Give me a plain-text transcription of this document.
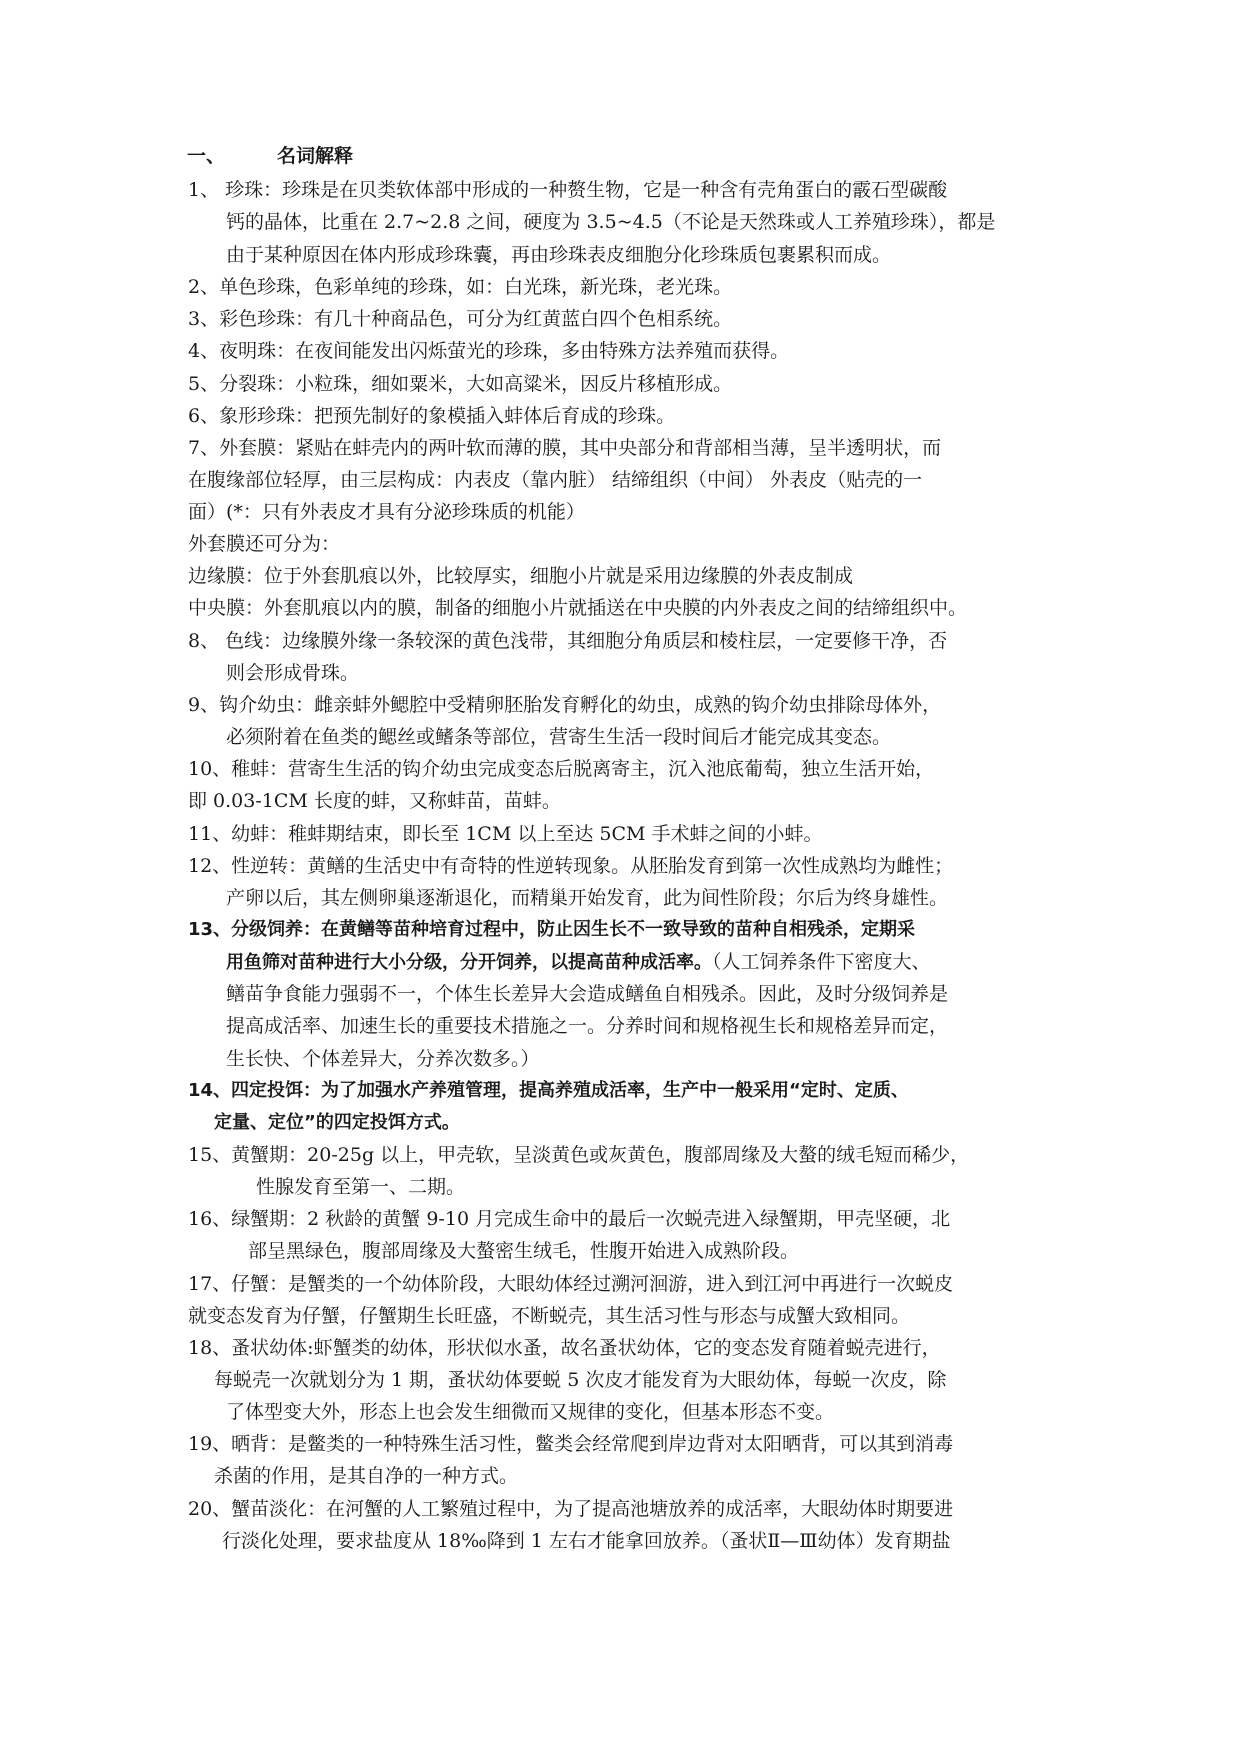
一、	名词解释
1、 珍珠：珍珠是在贝类软体部中形成的一种赘生物，它是一种含有壳角蛋白的霰石型碳酸
钙的晶体，比重在 2.7~2.8 之间，硬度为 3.5~4.5（不论是天然珠或人工养殖珍珠），都是
由于某种原因在体内形成珍珠囊，再由珍珠表皮细胞分化珍珠质包裹累积而成。
2、单色珍珠，色彩单纯的珍珠，如：白光珠，新光珠，老光珠。
3、彩色珍珠：有几十种商品色，可分为红黄蓝白四个色相系统。
4、夜明珠：在夜间能发出闪烁萤光的珍珠，多由特殊方法养殖而获得。
5、分裂珠：小粒珠，细如粟米，大如高粱米，因反片移植形成。
6、象形珍珠：把预先制好的象模插入蚌体后育成的珍珠。
7、外套膜：紧贴在蚌壳内的两叶软而薄的膜，其中央部分和背部相当薄，呈半透明状，而
在腹缘部位轻厚，由三层构成：内表皮（靠内脏） 结缔组织（中间） 外表皮（贴壳的一
面）(*：只有外表皮才具有分泌珍珠质的机能）
外套膜还可分为：
边缘膜：位于外套肌痕以外，比较厚实，细胞小片就是采用边缘膜的外表皮制成
中央膜：外套肌痕以内的膜，制备的细胞小片就插送在中央膜的内外表皮之间的结缔组织中。
8、 色线：边缘膜外缘一条较深的黄色浅带，其细胞分角质层和棱柱层，一定要修干净，否
则会形成骨珠。
9、钩介幼虫：雌亲蚌外鳃腔中受精卵胚胎发育孵化的幼虫，成熟的钩介幼虫排除母体外，
必须附着在鱼类的鳃丝或鳍条等部位，营寄生生活一段时间后才能完成其变态。
10、稚蚌：营寄生生活的钩介幼虫完成变态后脱离寄主，沉入池底葡萄，独立生活开始，
即 0.03-1CM 长度的蚌，又称蚌苗，苗蚌。
11、幼蚌：稚蚌期结束，即长至 1CM 以上至达 5CM 手术蚌之间的小蚌。
12、性逆转：黄鳝的生活史中有奇特的性逆转现象。从胚胎发育到第一次性成熟均为雌性；
产卵以后，其左侧卵巢逐渐退化，而精巢开始发育，此为间性阶段；尔后为终身雄性。
13、分级饲养：在黄鳝等苗种培育过程中，防止因生长不一致导致的苗种自相残杀，定期采
用鱼筛对苗种进行大小分级，分开饲养，以提高苗种成活率。（人工饲养条件下密度大、
鳝苗争食能力强弱不一，个体生长差异大会造成鳝鱼自相残杀。因此，及时分级饲养是
提高成活率、加速生长的重要技术措施之一。分养时间和规格视生长和规格差异而定，
生长快、个体差异大，分养次数多。）
14、四定投饵：为了加强水产养殖管理，提高养殖成活率，生产中一般采用“定时、定质、
定量、定位”的四定投饵方式。
15、黄蟹期：20-25g 以上，甲壳软，呈淡黄色或灰黄色，腹部周缘及大螯的绒毛短而稀少，
性腺发育至第一、二期。
16、绿蟹期：2 秋龄的黄蟹 9-10 月完成生命中的最后一次蜕壳进入绿蟹期，甲壳坚硬，北
部呈黑绿色，腹部周缘及大螯密生绒毛，性腹开始进入成熟阶段。
17、仔蟹：是蟹类的一个幼体阶段，大眼幼体经过溯河洄游，进入到江河中再进行一次蜕皮
就变态发育为仔蟹，仔蟹期生长旺盛，不断蜕壳，其生活习性与形态与成蟹大致相同。
18、蚤状幼体:虾蟹类的幼体，形状似水蚤，故名蚤状幼体，它的变态发育随着蜕壳进行，
每蜕壳一次就划分为 1 期，蚤状幼体要蜕 5 次皮才能发育为大眼幼体，每蜕一次皮，除
了体型变大外，形态上也会发生细微而又规律的变化，但基本形态不变。
19、晒背：是鳖类的一种特殊生活习性，鳖类会经常爬到岸边背对太阳晒背，可以其到消毒
杀菌的作用，是其自净的一种方式。
20、蟹苗淡化：在河蟹的人工繁殖过程中，为了提高池塘放养的成活率，大眼幼体时期要进
行淡化处理，要求盐度从 18‰降到 1 左右才能拿回放养。（蚤状Ⅱ—Ⅲ幼体）发育期盐
